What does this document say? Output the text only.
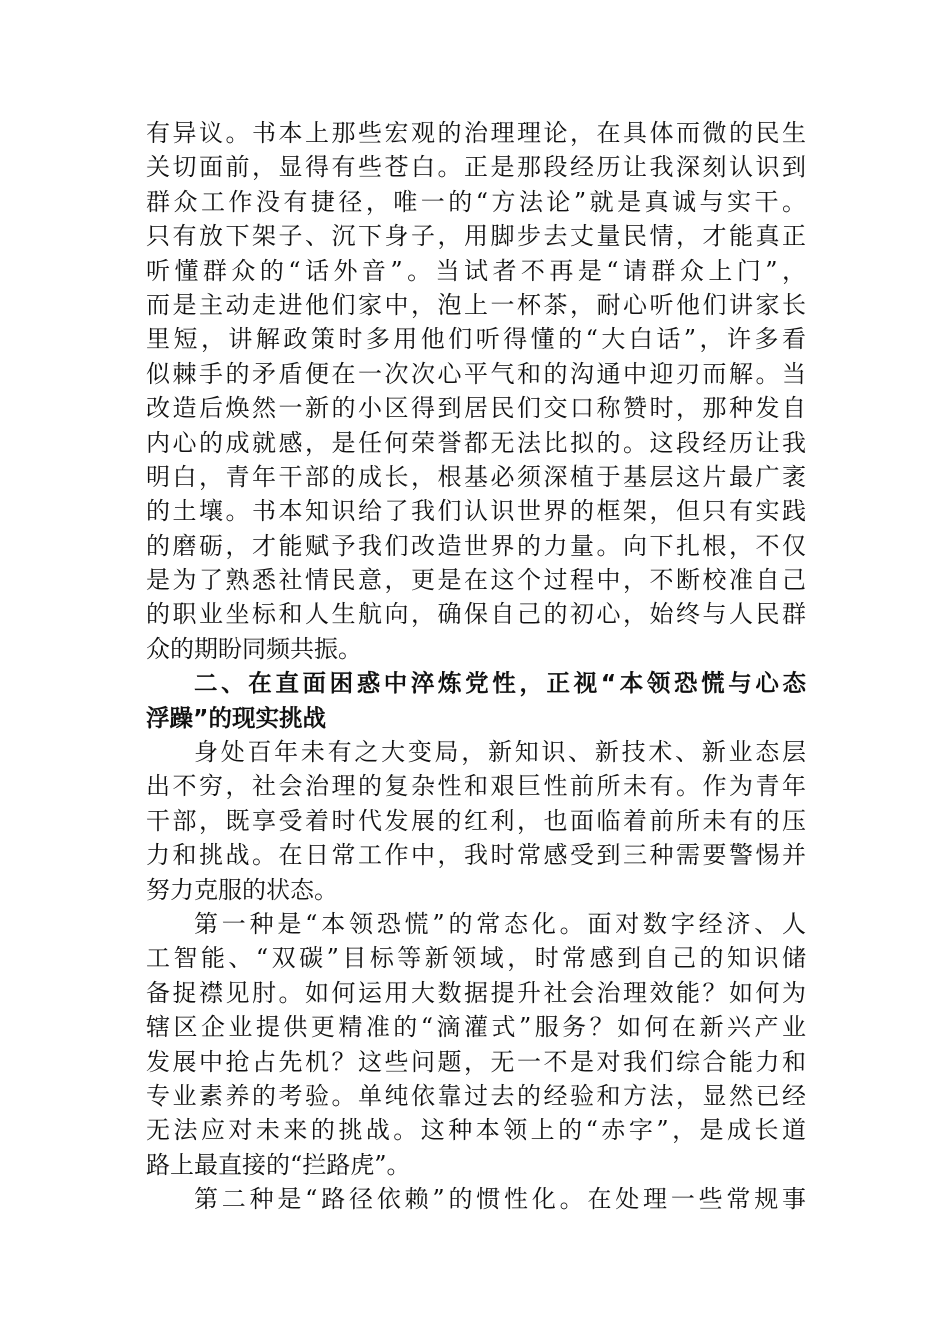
有异议。书本上那些宏观的治理理论，在具体而微的民生
关切面前，显得有些苍白。正是那段经历让我深刻认识到
群众工作没有捷径，唯一的“方法论”就是真诚与实干。
只有放下架子、沉下身子，用脚步去丈量民情，才能真正
听懂群众的“话外音”。当试者不再是“请群众上门”，
而是主动走进他们家中，泡上一杯茶，耐心听他们讲家长
里短，讲解政策时多用他们听得懂的“大白话”，许多看
似棘手的矛盾便在一次次心平气和的沟通中迎刃而解。当
改造后焕然一新的小区得到居民们交口称赞时，那种发自
内心的成就感，是任何荣誉都无法比拟的。这段经历让我
明白，青年干部的成长，根基必须深植于基层这片最广袤
的土壤。书本知识给了我们认识世界的框架，但只有实践
的磨砺，才能赋予我们改造世界的力量。向下扎根，不仅
是为了熟悉社情民意，更是在这个过程中，不断校准自己
的职业坐标和人生航向，确保自己的初心，始终与人民群
众的期盼同频共振。
二、在直面困惑中淬炼党性，正视“本领恐慌与心态
浮躁”的现实挑战
身处百年未有之大变局，新知识、新技术、新业态层
出不穷，社会治理的复杂性和艰巨性前所未有。作为青年
干部，既享受着时代发展的红利，也面临着前所未有的压
力和挑战。在日常工作中，我时常感受到三种需要警惕并
努力克服的状态。
第一种是“本领恐慌”的常态化。面对数字经济、人
工智能、“双碳”目标等新领域，时常感到自己的知识储
备捉襟见肘。如何运用大数据提升社会治理效能？如何为
辖区企业提供更精准的“滴灌式”服务？如何在新兴产业
发展中抢占先机？这些问题，无一不是对我们综合能力和
专业素养的考验。单纯依靠过去的经验和方法，显然已经
无法应对未来的挑战。这种本领上的“赤字”，是成长道
路上最直接的“拦路虎”。
第二种是“路径依赖”的惯性化。在处理一些常规事
